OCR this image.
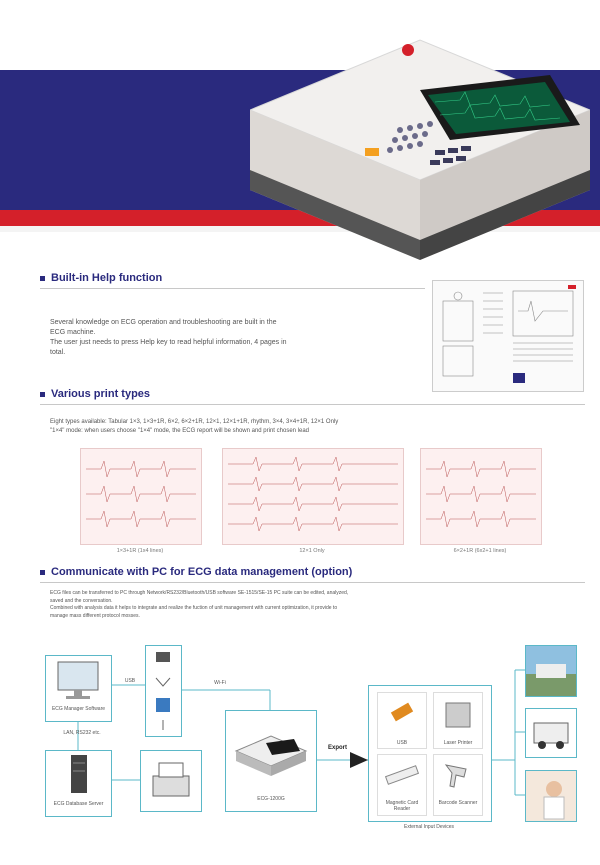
Built-in Help function
Several knowledge on ECG operation and troubleshooting are built in the
ECG machine.
The user just needs to press Help key to read helpful information, 4 pages in
total.
Various print types
Eight types available: Tabular 1×3, 1×3+1R, 6×2, 6×2+1R, 12×1, 12×1+1R, rhythm, 3×4, 3×4+1R, 12×1 Only
"1×4" mode: when users choose "1×4" mode, the ECG report will be shown and print chosen lead
1×3+1R (1x4 lines)	12×1 Only	6×2+1R (6x2+1 lines)
Communicate with PC for ECG data management (option)
ECG files can be transferred to PC through Network/RS232/Bluetooth/USB software SE-1515/SE-15 PC suite can be edited, analyzed,
saved and the conversation.
Combined with analysis data it helps to integrate and realize the fuction of unit management with current optimization, it provide to
manage mass different protocol mosses.
ECG Manager Software
USB
LAN, RS232 etc.
ECG Database Server
Wi-Fi
ECG-1200G
Export
USB	Laser Printer
Magnetic Card Reader
Barcode Scanner
External Input Devices
